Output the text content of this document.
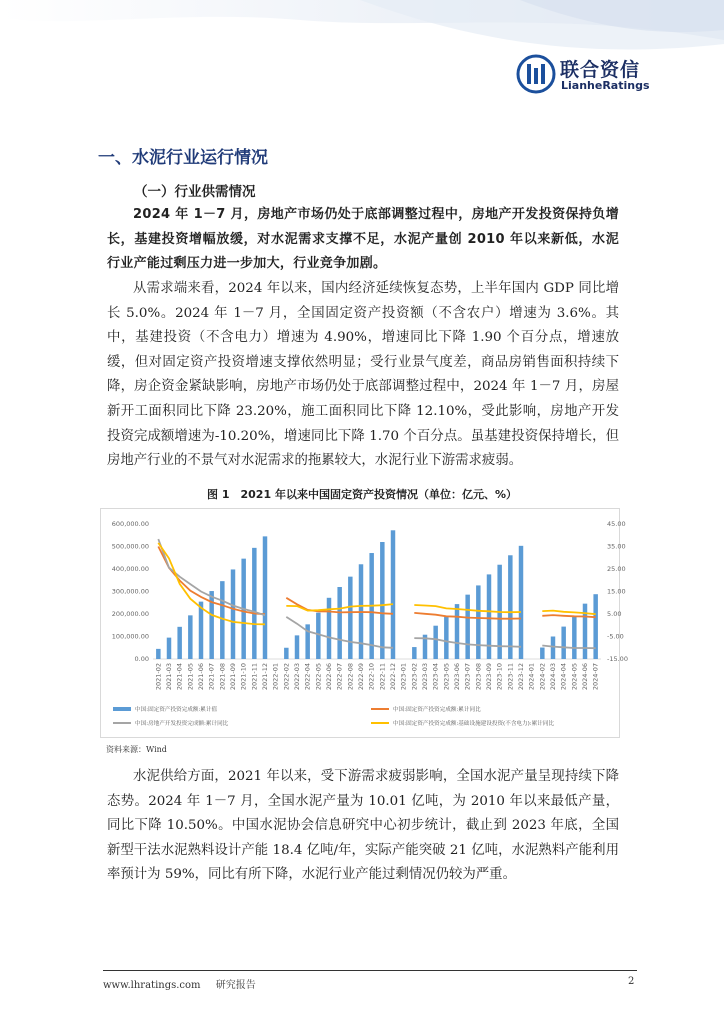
联合资信
LianheRatings
一、水泥行业运行情况
（一）行业供需情况

2024 年 1－7 月，房地产市场仍处于底部调整过程中，房地产开发投资保持负增长，基建投资增幅放缓，对水泥需求支撑不足，水泥产量创 2010 年以来新低，水泥行业产能过剩压力进一步加大，行业竞争加剧。

从需求端来看，2024 年以来，国内经济延续恢复态势，上半年国内 GDP 同比增长 5.0%。2024 年 1－7 月，全国固定资产投资额（不含农户）增速为 3.6%。其中，基建投资（不含电力）增速为 4.90%，增速同比下降 1.90 个百分点，增速放缓，但对固定资产投资增速支撑依然明显；受行业景气度差，商品房销售面积持续下降，房企资金紧缺影响，房地产市场仍处于底部调整过程中，2024 年 1－7 月，房屋新开工面积同比下降 23.20%，施工面积同比下降 12.10%，受此影响，房地产开发投资完成额增速为-10.20%，增速同比下降 1.70 个百分点。虽基建投资保持增长，但房地产行业的不景气对水泥需求的拖累较大，水泥行业下游需求疲弱。

图 1　2021 年以来中国固定资产投资情况（单位：亿元、%）
0.00
100,000.00
200,000.00
300,000.00
400,000.00
500,000.00
600,000.00
-15.00
-5.00
5.00
15.00
25.00
35.00
45.00
2021-02 2021-03 2021-04 2021-05 2021-06 2021-07 2021-08 2021-09 2021-10 2021-11 2021-12 2022-01 2022-02 2022-03 2022-04 2022-05 2022-06 2022-07 2022-08 2022-09 2022-10 2022-11 2022-12 2023-01 2023-02 2023-03 2023-04 2023-05 2023-06 2023-07 2023-08 2023-09 2023-10 2023-11 2023-12 2024-01 2024-02 2024-03 2024-04 2024-05 2024-06 2024-07
中国:固定资产投资完成额:累计值	中国:固定资产投资完成额:累计同比
中国:房地产开发投资完成额:累计同比	中国:固定资产投资完成额:基础设施建设投资(不含电力):累计同比
资料来源：Wind

水泥供给方面，2021 年以来，受下游需求疲弱影响，全国水泥产量呈现持续下降态势。2024 年 1－7 月，全国水泥产量为 10.01 亿吨，为 2010 年以来最低产量，同比下降 10.50%。中国水泥协会信息研究中心初步统计，截止到 2023 年底，全国新型干法水泥熟料设计产能 18.4 亿吨/年，实际产能突破 21 亿吨，水泥熟料产能利用率预计为 59%，同比有所下降，水泥行业产能过剩情况仍较为严重。

www.lhratings.com 研究报告	2
